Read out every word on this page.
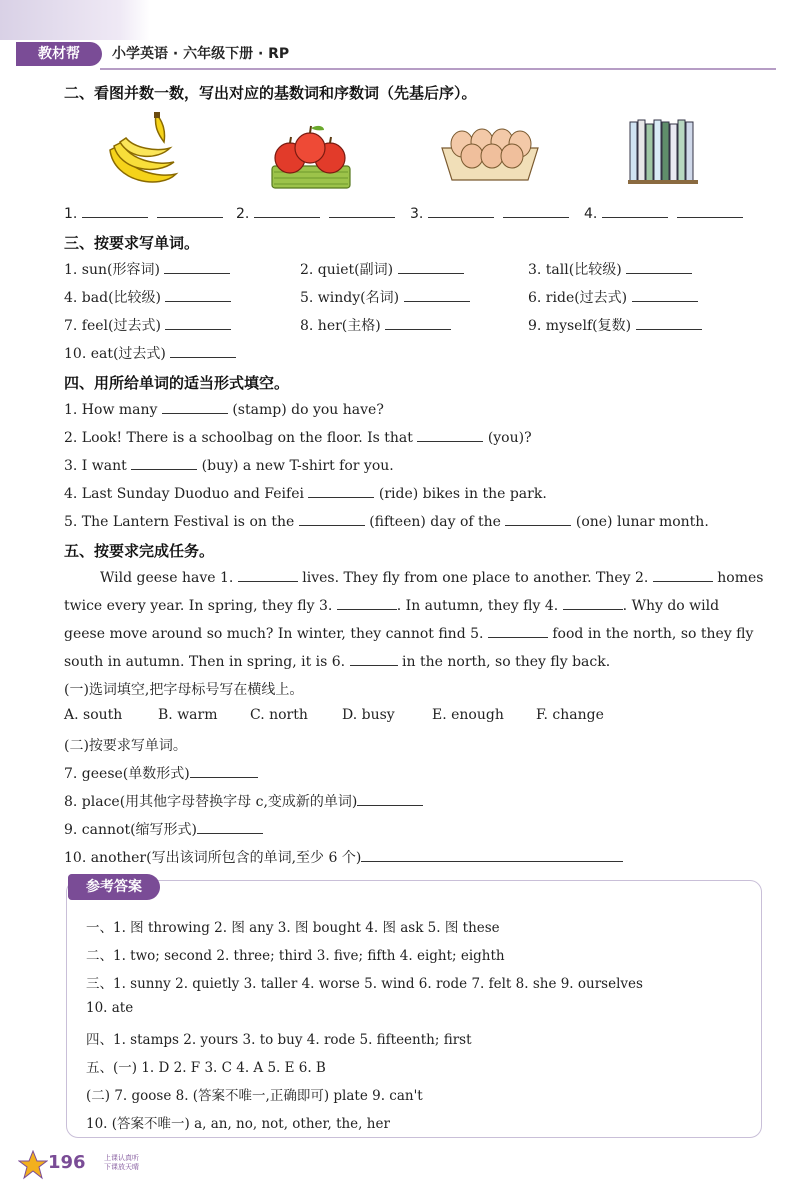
教材帮	小学英语 · 六年级下册 · RP
二、看图并数一数，写出对应的基数词和序数词（先基后序）。
1.	2.	3.	4.
三、按要求写单词。
1. sun(形容词)	2. quiet(副词)	3. tall(比较级)
4. bad(比较级)	5. windy(名词)	6. ride(过去式)
7. feel(过去式)	8. her(主格)	9. myself(复数)
10. eat(过去式)
四、用所给单词的适当形式填空。
1. How many	(stamp) do you have?
2. Look! There is a schoolbag on the floor. Is that	(you)?
3. I want	(buy) a new T-shirt for you.
4. Last Sunday Duoduo and Feifei	(ride) bikes in the park.
5. The Lantern Festival is on the	(fifteen) day of the	(one) lunar month.
五、按要求完成任务。
Wild geese have 1.	lives. They fly from one place to another. They 2.	homes
twice every year. In spring, they fly 3.	. In autumn, they fly 4.	. Why do wild
geese move around so much? In winter, they cannot find 5.	food in the north, so they fly
south in autumn. Then in spring, it is 6.	in the north, so they fly back.
(一)选词填空,把字母标号写在横线上。
A. south	B. warm C. north D. busy	E. enough F. change
(二)按要求写单词。
7. geese(单数形式)
8. place(用其他字母替换字母 c,变成新的单词)
9. cannot(缩写形式)
10. another(写出该词所包含的单词,至少 6 个)
参考答案
一、1. 图 throwing 2. 图 any 3. 图 bought 4. 图 ask 5. 图 these
二、1. two; second 2. three; third 3. five; fifth 4. eight; eighth
三、1. sunny 2. quietly 3. taller 4. worse 5. wind 6. rode 7. felt 8. she 9. ourselves
10. ate
四、1. stamps 2. yours 3. to buy 4. rode 5. fifteenth; first
五、(一) 1. D 2. F 3. C 4. A 5. E 6. B
(二) 7. goose 8. (答案不唯一,正确即可) plate 9. can't
10. (答案不唯一) a, an, no, not, other, the, her
196	上课认真听
下课放天晴
